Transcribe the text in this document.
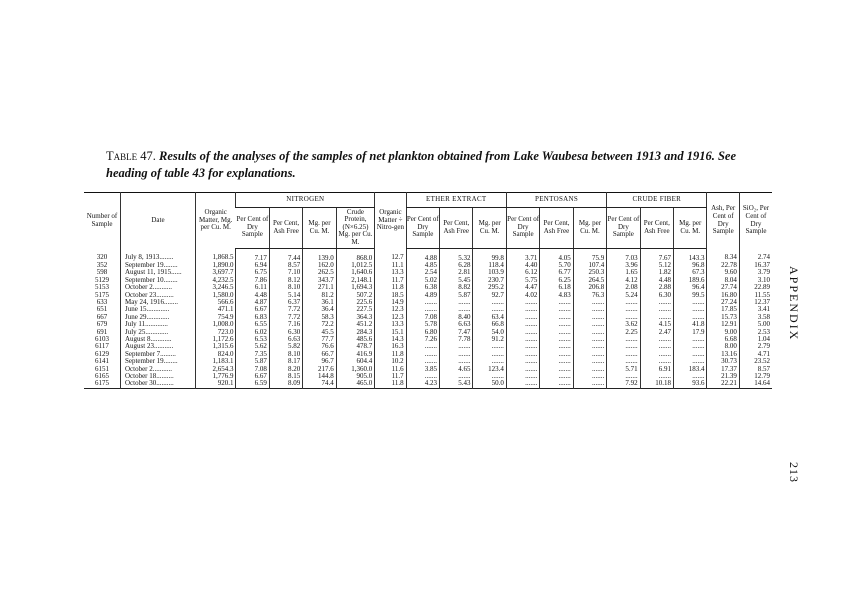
Table 47. Results of the analyses of the samples of net plankton obtained from Lake Waubesa between 1913 and 1916. See heading of table 43 for explanations.
Number of Sample	Date	Organic Matter, Mg. per Cu. M.	NITROGEN				Organic Matter ÷ Nitro-gen	ETHER EXTRACT			PENTOSANS			CRUDE FIBER			Ash, Per Cent of Dry Sample	SiO₂, Per Cent of Dry Sample
			Per Cent of Dry Sample	Per Cent, Ash Free	Mg. per Cu. M.	Crude Protein, (N×6.25) Mg. per Cu. M.		Per Cent of Dry Sample	Per Cent, Ash Free	Mg. per Cu. M.	Per Cent of Dry Sample	Per Cent, Ash Free	Mg. per Cu. M.	Per Cent of Dry Sample	Per Cent, Ash Free	Mg. per Cu. M.		
320	July 8, 1913........	1,868.5	7.17	7.44	139.0	868.0	12.7	4.88	5.32	99.8	3.71	4.05	75.9	7.03	7.67	143.3	8.34	2.74
352	September 19........	1,890.0	6.94	8.57	162.0	1,012.5	11.1	4.85	6.28	118.4	4.40	5.70	107.4	3.96	5.12	96.8	22.78	16.37
598	August 11, 1915......	3,697.7	6.75	7.10	262.5	1,640.6	13.3	2.54	2.81	103.9	6.12	6.77	250.3	1.65	1.82	67.3	9.60	3.79
5129	September 10........	4,232.5	7.86	8.12	343.7	2,148.1	11.7	5.02	5.45	230.7	5.75	6.25	264.5	4.12	4.48	189.6	8.04	3.10
5153	October 2...........	3,246.5	6.11	8.10	271.1	1,694.3	11.8	6.38	8.82	295.2	4.47	6.18	206.8	2.08	2.88	96.4	27.74	22.89
5175	October 23..........	1,580.0	4.48	5.14	81.2	507.2	18.5	4.89	5.87	92.7	4.02	4.83	76.3	5.24	6.30	99.5	16.80	11.55
633	May 24, 1916........	566.6	4.87	6.37	36.1	225.6	14.9	.......	.......	.......	.......	.......	.......	.......	.......	.......	27.24	12.37
651	June 15.............	471.1	6.67	7.72	36.4	227.5	12.3	.......	.......	.......	.......	.......	.......	.......	.......	.......	17.85	3.41
667	June 29.............	754.9	6.83	7.72	58.3	364.3	12.3	7.08	8.40	63.4	.......	.......	.......	.......	.......	.......	15.73	3.58
679	July 11.............	1,008.0	6.55	7.16	72.2	451.2	13.3	5.78	6.63	66.8	.......	.......	.......	3.62	4.15	41.8	12.91	5.00
691	July 25.............	723.0	6.02	6.30	45.5	284.3	15.1	6.80	7.47	54.0	.......	.......	.......	2.25	2.47	17.9	9.00	2.53
6103	August 8............	1,172.6	6.53	6.63	77.7	485.6	14.3	7.26	7.78	91.2	.......	.......	.......	.......	.......	.......	6.68	1.04
6117	August 23...........	1,315.6	5.62	5.82	76.6	478.7	16.3	.......	.......	.......	.......	.......	.......	.......	.......	.......	8.00	2.79
6129	September 7.........	824.0	7.35	8.10	66.7	416.9	11.8	.......	.......	.......	.......	.......	.......	.......	.......	.......	13.16	4.71
6141	September 19........	1,183.1	5.87	8.17	96.7	604.4	10.2	.......	.......	.......	.......	.......	.......	.......	.......	.......	30.73	23.52
6151	October 2...........	2,654.3	7.08	8.20	217.6	1,360.0	11.6	3.85	4.65	123.4	.......	.......	.......	5.71	6.91	183.4	17.37	8.57
6165	October 18..........	1,776.9	6.67	8.15	144.8	905.0	11.7	.......	.......	.......	.......	.......	.......	.......	.......	.......	21.39	12.79
6175	October 30..........	920.1	6.59	8.09	74.4	465.0	11.8	4.23	5.43	50.0	.......	.......	.......	7.92	10.18	93.6	22.21	14.64
APPENDIX
213
